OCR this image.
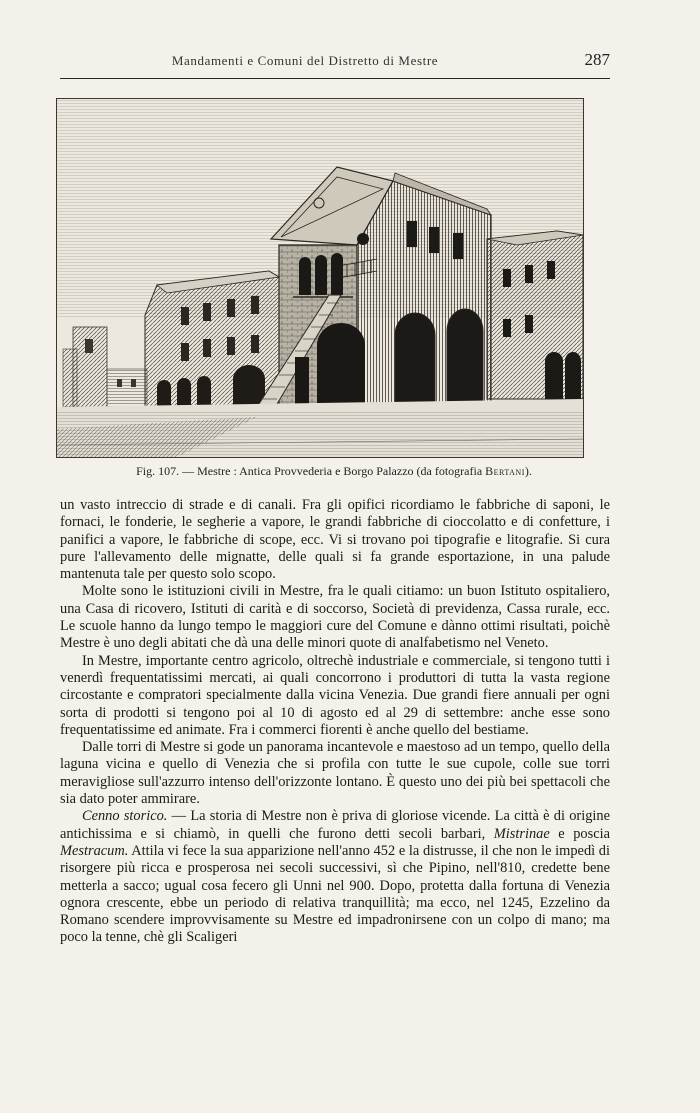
Mandamenti e Comuni del Distretto di Mestre	287
Fig. 107. — Mestre : Antica Provvederia e Borgo Palazzo (da fotografia Bertani).

un vasto intreccio di strade e di canali. Fra gli opifici ricordiamo le fabbriche di saponi, le fornaci, le fonderie, le segherie a vapore, le grandi fabbriche di cioccolatto e di confetture, i panifici a vapore, le fabbriche di scope, ecc. Vi si trovano poi tipografie e litografie. Si cura pure l'allevamento delle mignatte, delle quali si fa grande esportazione, in una palude mantenuta tale per questo solo scopo.

Molte sono le istituzioni civili in Mestre, fra le quali citiamo: un buon Istituto ospitaliero, una Casa di ricovero, Istituti di carità e di soccorso, Società di previdenza, Cassa rurale, ecc. Le scuole hanno da lungo tempo le maggiori cure del Comune e dànno ottimi risultati, poichè Mestre è uno degli abitati che dà una delle minori quote di analfabetismo nel Veneto.

In Mestre, importante centro agricolo, oltrechè industriale e commerciale, si tengono tutti i venerdì frequentatissimi mercati, ai quali concorrono i produttori di tutta la vasta regione circostante e compratori specialmente dalla vicina Venezia. Due grandi fiere annuali per ogni sorta di prodotti si tengono poi al 10 di agosto ed al 29 di settembre: anche esse sono frequentatissime ed animate. Fra i commerci fiorenti è anche quello del bestiame.

Dalle torri di Mestre si gode un panorama incantevole e maestoso ad un tempo, quello della laguna vicina e quello di Venezia che si profila con tutte le sue cupole, colle sue torri meravigliose sull'azzurro intenso dell'orizzonte lontano. È questo uno dei più bei spettacoli che sia dato poter ammirare.

Cenno storico. — La storia di Mestre non è priva di gloriose vicende. La città è di origine antichissima e si chiamò, in quelli che furono detti secoli barbari, Mistrinae e poscia Mestracum. Attila vi fece la sua apparizione nell'anno 452 e la distrusse, il che non le impedì di risorgere più ricca e prosperosa nei secoli successivi, sì che Pipino, nell'810, credette bene metterla a sacco; ugual cosa fecero gli Unni nel 900. Dopo, protetta dalla fortuna di Venezia ognora crescente, ebbe un periodo di relativa tranquillità; ma ecco, nel 1245, Ezzelino da Romano scendere improvvisamente su Mestre ed impadronirsene con un colpo di mano; ma poco la tenne, chè gli Scaligeri
